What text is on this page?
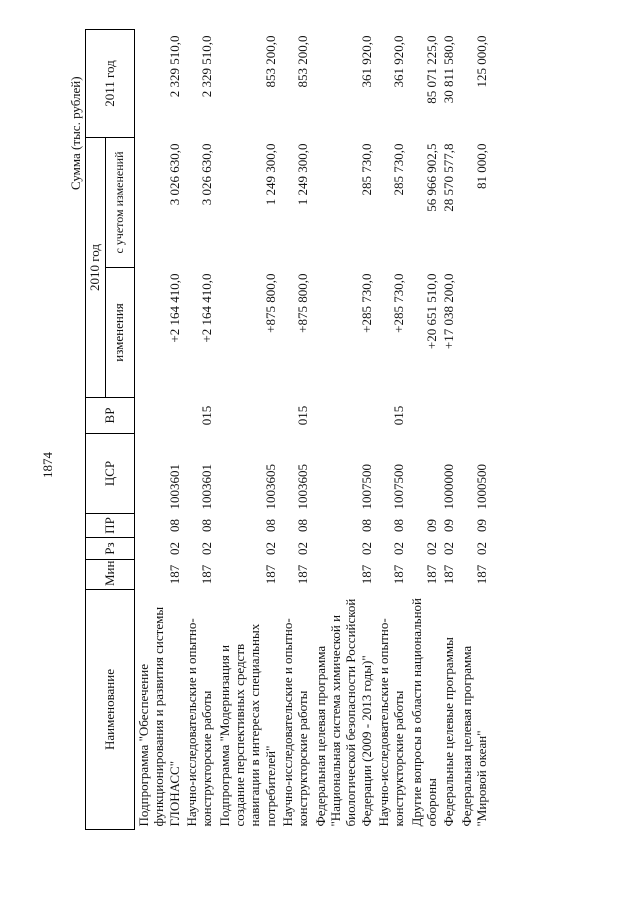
1874
Сумма (тыс. рублей)
Наименование	Мин	Рз	ПР	ЦСР	ВР	2010 год		2011 год
						изменения	с учетом изменений	
Подпрограмма "Обеспечение функционирования и развития системы ГЛОНАСС"	187	02	08	1003601		+2 164 410,0	3 026 630,0	2 329 510,0
Научно-исследовательские и опытно-конструкторские работы	187	02	08	1003601	015	+2 164 410,0	3 026 630,0	2 329 510,0
Подпрограмма "Модернизация и создание перспективных средств навигации в интересах специальных потребителей"	187	02	08	1003605		+875 800,0	1 249 300,0	853 200,0
Научно-исследовательские и опытно-конструкторские работы	187	02	08	1003605	015	+875 800,0	1 249 300,0	853 200,0
Федеральная целевая программа "Национальная система химической и биологической безопасности Российской Федерации (2009 - 2013 годы)"	187	02	08	1007500		+285 730,0	285 730,0	361 920,0
Научно-исследовательские и опытно-конструкторские работы	187	02	08	1007500	015	+285 730,0	285 730,0	361 920,0
Другие вопросы в области национальной обороны	187	02	09			+20 651 510,0	56 966 902,5	85 071 225,0
Федеральные целевые программы	187	02	09	1000000		+17 038 200,0	28 570 577,8	30 811 580,0
Федеральная целевая программа "Мировой океан"	187	02	09	1000500			81 000,0	125 000,0
